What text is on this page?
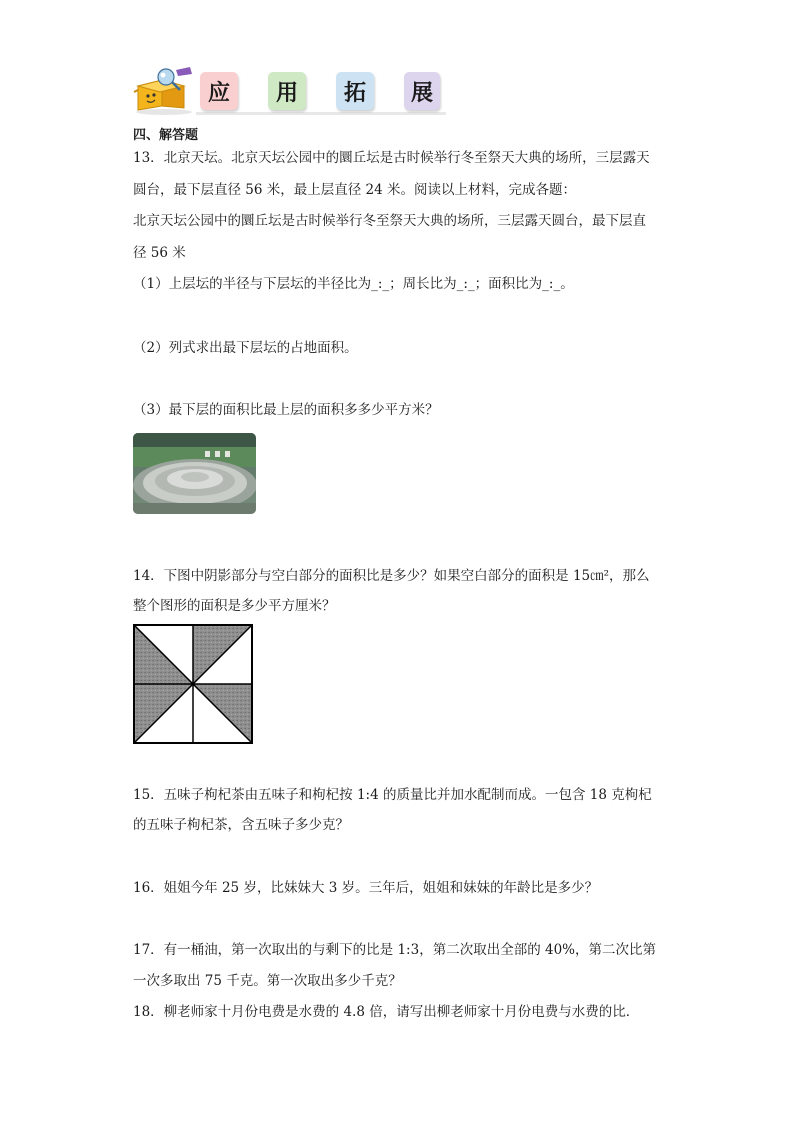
应	用	拓	展
四、解答题
13．北京天坛。北京天坛公园中的圜丘坛是古时候举行冬至祭天大典的场所，三层露天
圆台，最下层直径 56 米，最上层直径 24 米。阅读以上材料，完成各题：
北京天坛公园中的圜丘坛是古时候举行冬至祭天大典的场所，三层露天圆台，最下层直
径 56 米
（1）上层坛的半径与下层坛的半径比为_:_；周长比为_:_；面积比为_:_。
（2）列式求出最下层坛的占地面积。
（3）最下层的面积比最上层的面积多多少平方米？
14．下图中阴影部分与空白部分的面积比是多少？如果空白部分的面积是 15㎝²，那么
整个图形的面积是多少平方厘米？
15．五味子枸杞茶由五味子和枸杞按 1:4 的质量比并加水配制而成。一包含 18 克枸杞
的五味子枸杞茶，含五味子多少克？
16．姐姐今年 25 岁，比妹妹大 3 岁。三年后，姐姐和妹妹的年龄比是多少？
17．有一桶油，第一次取出的与剩下的比是 1:3，第二次取出全部的 40%，第二次比第
一次多取出 75 千克。第一次取出多少千克？
18．柳老师家十月份电费是水费的 4.8 倍，请写出柳老师家十月份电费与水费的比．
